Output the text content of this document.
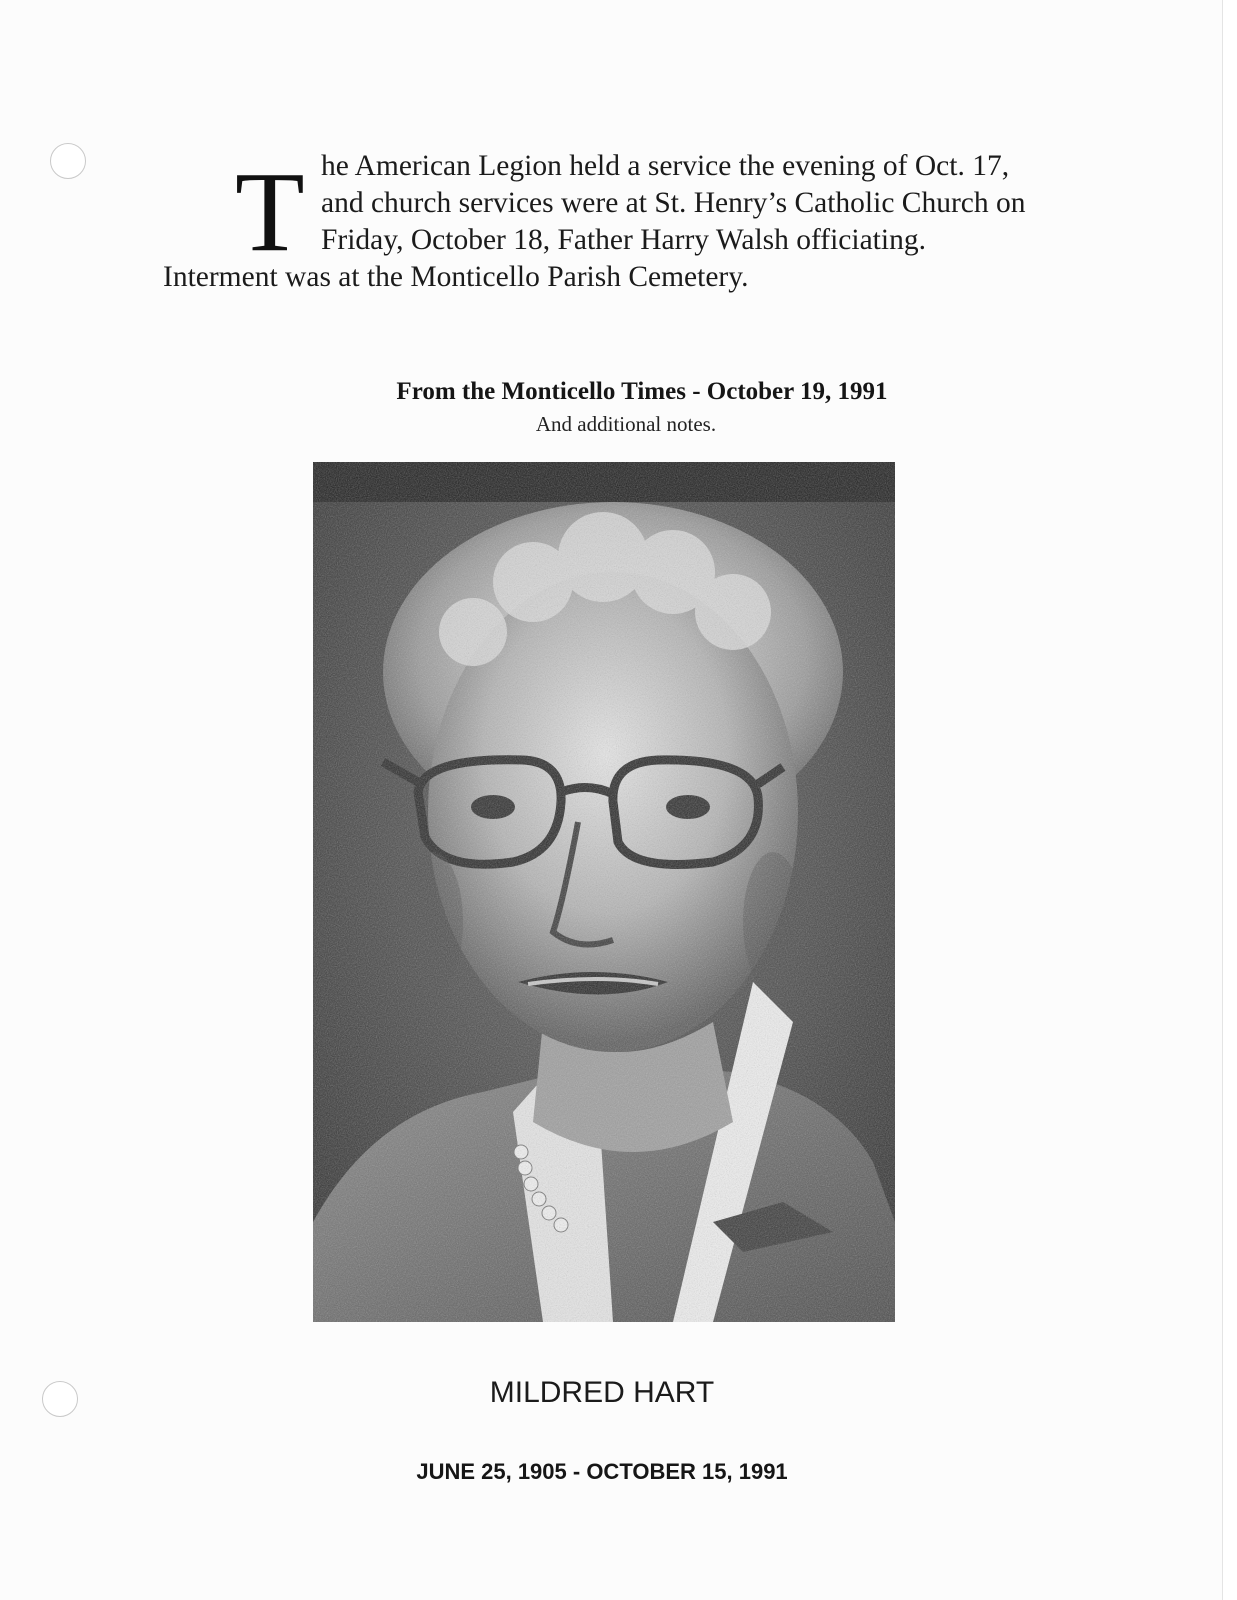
T he American Legion held a service the evening of Oct. 17,
and church services were at St. Henry’s Catholic Church on
Friday, October 18, Father Harry Walsh officiating.
Interment was at the Monticello Parish Cemetery.
From the Monticello Times - October 19, 1991
And additional notes.
MILDRED HART
JUNE 25, 1905 - OCTOBER 15, 1991
